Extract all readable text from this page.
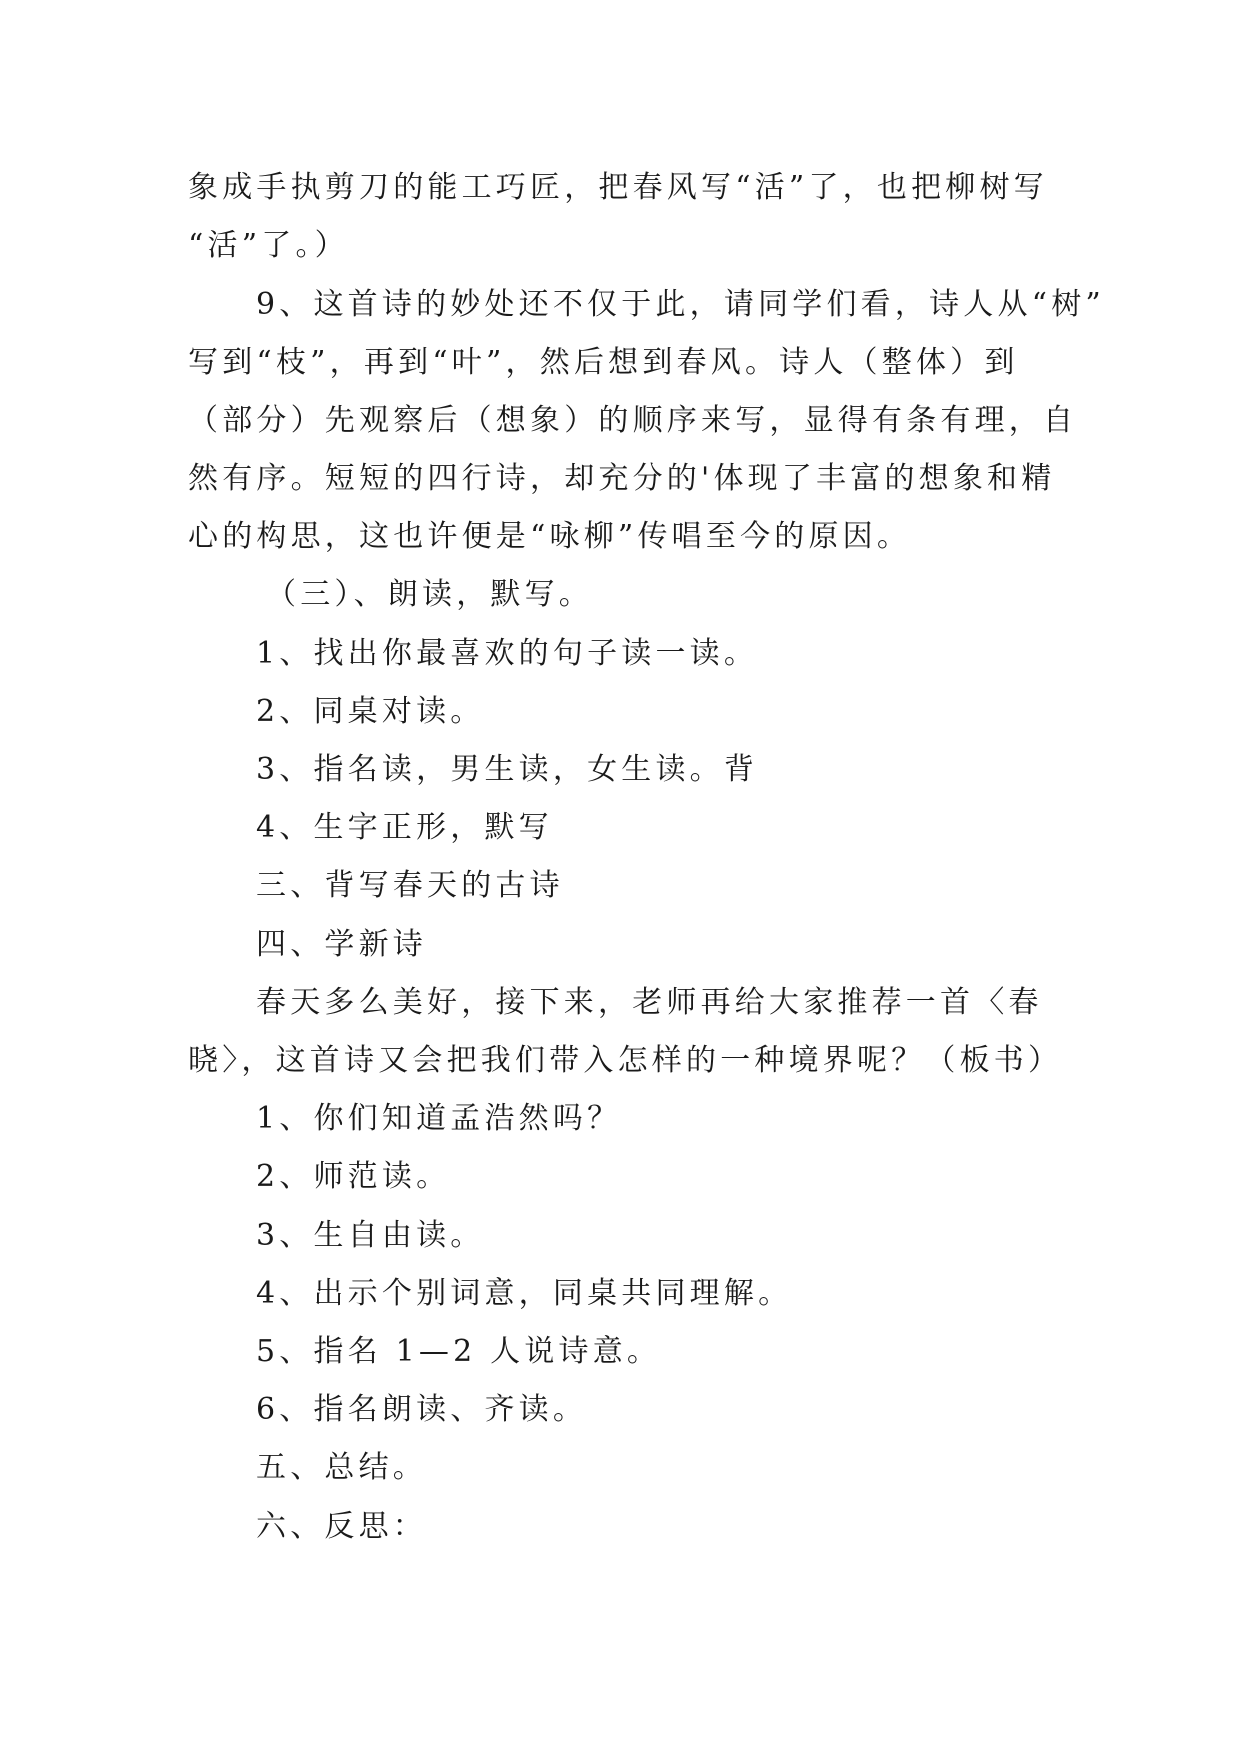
象成手执剪刀的能工巧匠，把春风写“活”了，也把柳树写
“活”了。）
9、这首诗的妙处还不仅于此，请同学们看，诗人从“树”
写到“枝”，再到“叶”，然后想到春风。诗人（整体）到
（部分）先观察后（想象）的顺序来写，显得有条有理，自
然有序。短短的四行诗，却充分的'体现了丰富的想象和精
心的构思，这也许便是“咏柳”传唱至今的原因。
（三）、朗读，默写。
1、找出你最喜欢的句子读一读。
2、同桌对读。
3、指名读，男生读，女生读。背
4、生字正形，默写
三、背写春天的古诗
四、学新诗
春天多么美好，接下来，老师再给大家推荐一首〈春
晓〉，这首诗又会把我们带入怎样的一种境界呢？（板书）
1、你们知道孟浩然吗？
2、师范读。
3、生自由读。
4、出示个别词意，同桌共同理解。
5、指名 1—2 人说诗意。
6、指名朗读、齐读。
五、总结。
六、反思：
